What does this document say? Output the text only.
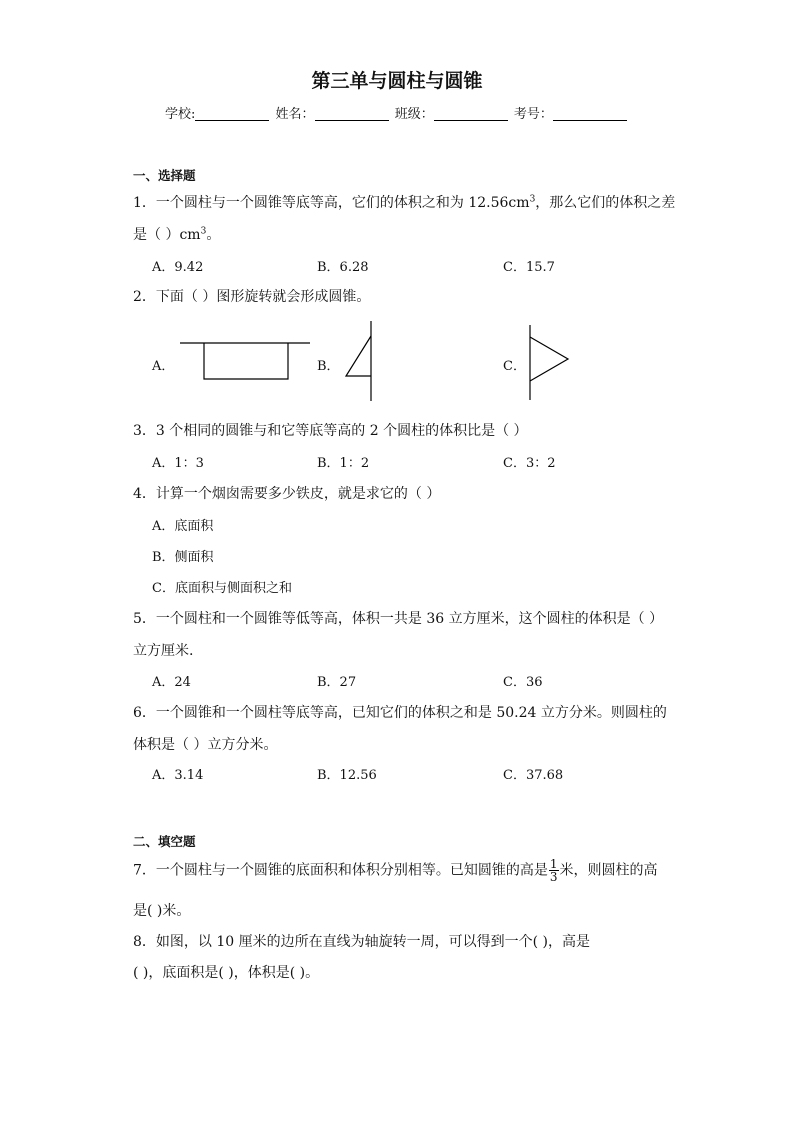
第三单与圆柱与圆锥
学校:	姓名：	班级：	考号：
一、选择题
1．一个圆柱与一个圆锥等底等高，它们的体积之和为 $12.56cm^3$，那么它们的体积之差
是（ ）$cm^3$。
A．9.42	B．6.28	C．15.7
2．下面（ ）图形旋转就会形成圆锥。
A．	B．	C．
3．3 个相同的圆锥与和它等底等高的 2 个圆柱的体积比是（ ）
A．1：3	B．1：2	C．3：2
4．计算一个烟囱需要多少铁皮，就是求它的（ ）
A．底面积
B．侧面积
C．底面积与侧面积之和
5．一个圆柱和一个圆锥等低等高，体积一共是 36 立方厘米，这个圆柱的体积是（ ）
立方厘米.
A．24	B．27	C．36
6．一个圆锥和一个圆柱等底等高，已知它们的体积之和是 50.24 立方分米。则圆柱的
体积是（ ）立方分米。
A．3.14	B．12.56	C．37.68
二、填空题
7．一个圆柱与一个圆锥的底面积和体积分别相等。已知圆锥的高是 $\frac{1}{3}$ 米，则圆柱的高
是( )米。
8．如图，以 10 厘米的边所在直线为轴旋转一周，可以得到一个( )，高是
( )，底面积是( )，体积是( )。
